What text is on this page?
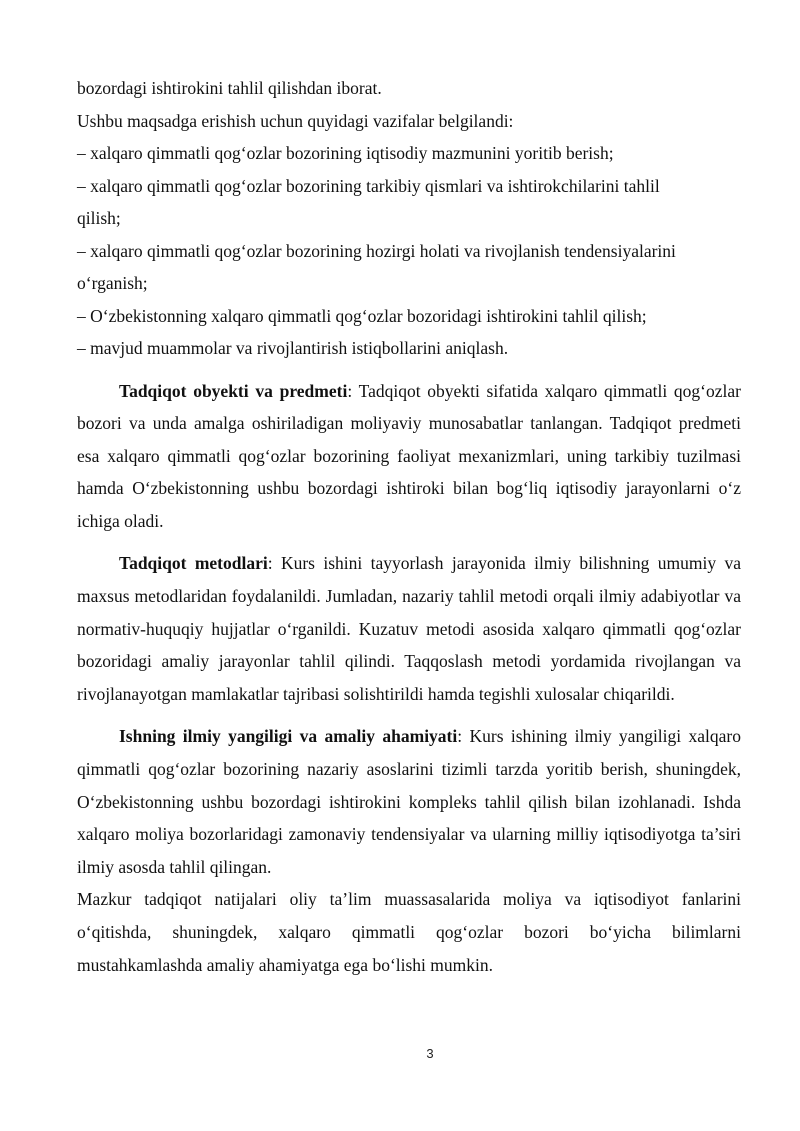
bozordagi ishtirokini tahlil qilishdan iborat.
Ushbu maqsadga erishish uchun quyidagi vazifalar belgilandi:
– xalqaro qimmatli qog‘ozlar bozorining iqtisodiy mazmunini yoritib berish;
– xalqaro qimmatli qog‘ozlar bozorining tarkibiy qismlari va ishtirokchilarini tahlil
qilish;
– xalqaro qimmatli qog‘ozlar bozorining hozirgi holati va rivojlanish tendensiyalarini
o‘rganish;
– O‘zbekistonning xalqaro qimmatli qog‘ozlar bozoridagi ishtirokini tahlil qilish;
– mavjud muammolar va rivojlantirish istiqbollarini aniqlash.

Tadqiqot obyekti va predmeti: Tadqiqot obyekti sifatida xalqaro qimmatli qog‘ozlar bozori va unda amalga oshiriladigan moliyaviy munosabatlar tanlangan. Tadqiqot predmeti esa xalqaro qimmatli qog‘ozlar bozorining faoliyat mexanizmlari, uning tarkibiy tuzilmasi hamda O‘zbekistonning ushbu bozordagi ishtiroki bilan bog‘liq iqtisodiy jarayonlarni o‘z ichiga oladi.

Tadqiqot metodlari: Kurs ishini tayyorlash jarayonida ilmiy bilishning umumiy va maxsus metodlaridan foydalanildi. Jumladan, nazariy tahlil metodi orqali ilmiy adabiyotlar va normativ-huquqiy hujjatlar o‘rganildi. Kuzatuv metodi asosida xalqaro qimmatli qog‘ozlar bozoridagi amaliy jarayonlar tahlil qilindi. Taqqoslash metodi yordamida rivojlangan va rivojlanayotgan mamlakatlar tajribasi solishtirildi hamda tegishli xulosalar chiqarildi.

Ishning ilmiy yangiligi va amaliy ahamiyati: Kurs ishining ilmiy yangiligi xalqaro qimmatli qog‘ozlar bozorining nazariy asoslarini tizimli tarzda yoritib berish, shuningdek, O‘zbekistonning ushbu bozordagi ishtirokini kompleks tahlil qilish bilan izohlanadi. Ishda xalqaro moliya bozorlaridagi zamonaviy tendensiyalar va ularning milliy iqtisodiyotga ta’siri ilmiy asosda tahlil qilingan.
Mazkur tadqiqot natijalari oliy ta’lim muassasalarida moliya va iqtisodiyot fanlarini o‘qitishda, shuningdek, xalqaro qimmatli qog‘ozlar bozori bo‘yicha bilimlarni mustahkamlashda amaliy ahamiyatga ega bo‘lishi mumkin.

3
